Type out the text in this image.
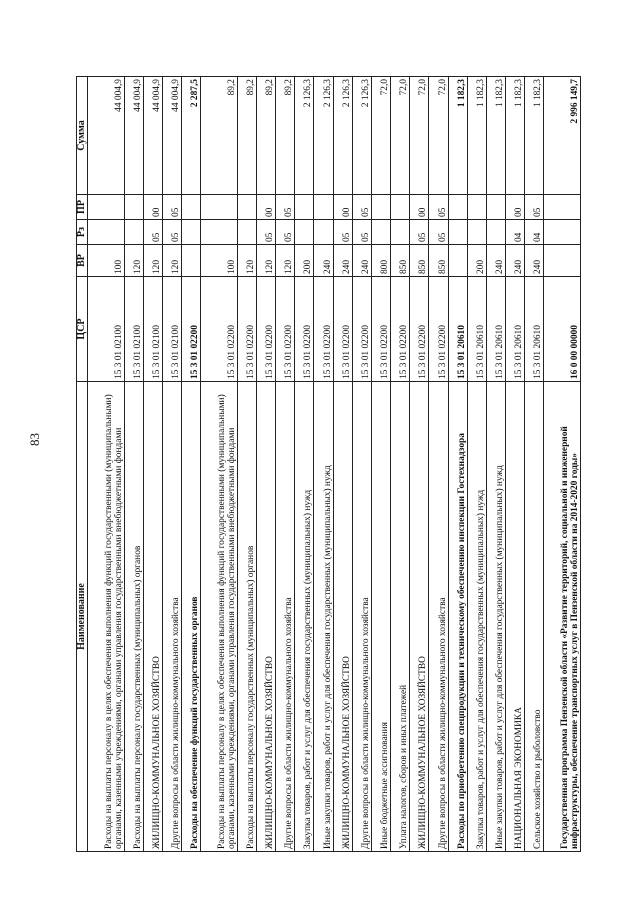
83
Наименование	ЦСР	ВР	Рз	ПР	Сумма
Расходы на выплаты персоналу в целях обеспечения выполнения функций государственными (муниципальными) органами, казенными учреждениями, органами управления государственными внебюджетными фондами	15 3 01 02100	100			44 004,9
Расходы на выплаты персоналу государственных (муниципальных) органов	15 3 01 02100	120			44 004,9
ЖИЛИЩНО-КОММУНАЛЬНОЕ ХОЗЯЙСТВО	15 3 01 02100	120	05	00	44 004,9
Другие вопросы в области жилищно-коммунального хозяйства	15 3 01 02100	120	05	05	44 004,9
Расходы на обеспечение функций государственных органов	15 3 01 02200				2 287,5
Расходы на выплаты персоналу в целях обеспечения выполнения функций государственными (муниципальными) органами, казенными учреждениями, органами управления государственными внебюджетными фондами	15 3 01 02200	100			89,2
Расходы на выплаты персоналу государственных (муниципальных) органов	15 3 01 02200	120			89,2
ЖИЛИЩНО-КОММУНАЛЬНОЕ ХОЗЯЙСТВО	15 3 01 02200	120	05	00	89,2
Другие вопросы в области жилищно-коммунального хозяйства	15 3 01 02200	120	05	05	89,2
Закупка товаров, работ и услуг для обеспечения государственных (муниципальных) нужд	15 3 01 02200	200			2 126,3
Иные закупки товаров, работ и услуг для обеспечения государственных (муниципальных) нужд	15 3 01 02200	240			2 126,3
ЖИЛИЩНО-КОММУНАЛЬНОЕ ХОЗЯЙСТВО	15 3 01 02200	240	05	00	2 126,3
Другие вопросы в области жилищно-коммунального хозяйства	15 3 01 02200	240	05	05	2 126,3
Иные бюджетные ассигнования	15 3 01 02200	800			72,0
Уплата налогов, сборов и иных платежей	15 3 01 02200	850			72,0
ЖИЛИЩНО-КОММУНАЛЬНОЕ ХОЗЯЙСТВО	15 3 01 02200	850	05	00	72,0
Другие вопросы в области жилищно-коммунального хозяйства	15 3 01 02200	850	05	05	72,0
Расходы по приобретению спецпродукции и техническому обеспечению инспекции Гостехнадзора	15 3 01 20610				1 182,3
Закупка товаров, работ и услуг для обеспечения государственных (муниципальных) нужд	15 3 01 20610	200			1 182,3
Иные закупки товаров, работ и услуг для обеспечения государственных (муниципальных) нужд	15 3 01 20610	240			1 182,3
НАЦИОНАЛЬНАЯ ЭКОНОМИКА	15 3 01 20610	240	04	00	1 182,3
Сельское хозяйство и рыболовство	15 3 01 20610	240	04	05	1 182,3
Государственная программа Пензенской области «Развитие территорий, социальной и инженерной инфраструктуры, обеспечение транспортных услуг в Пензенской области на 2014-2020 годы»	16 0 00 00000				2 996 149,7
